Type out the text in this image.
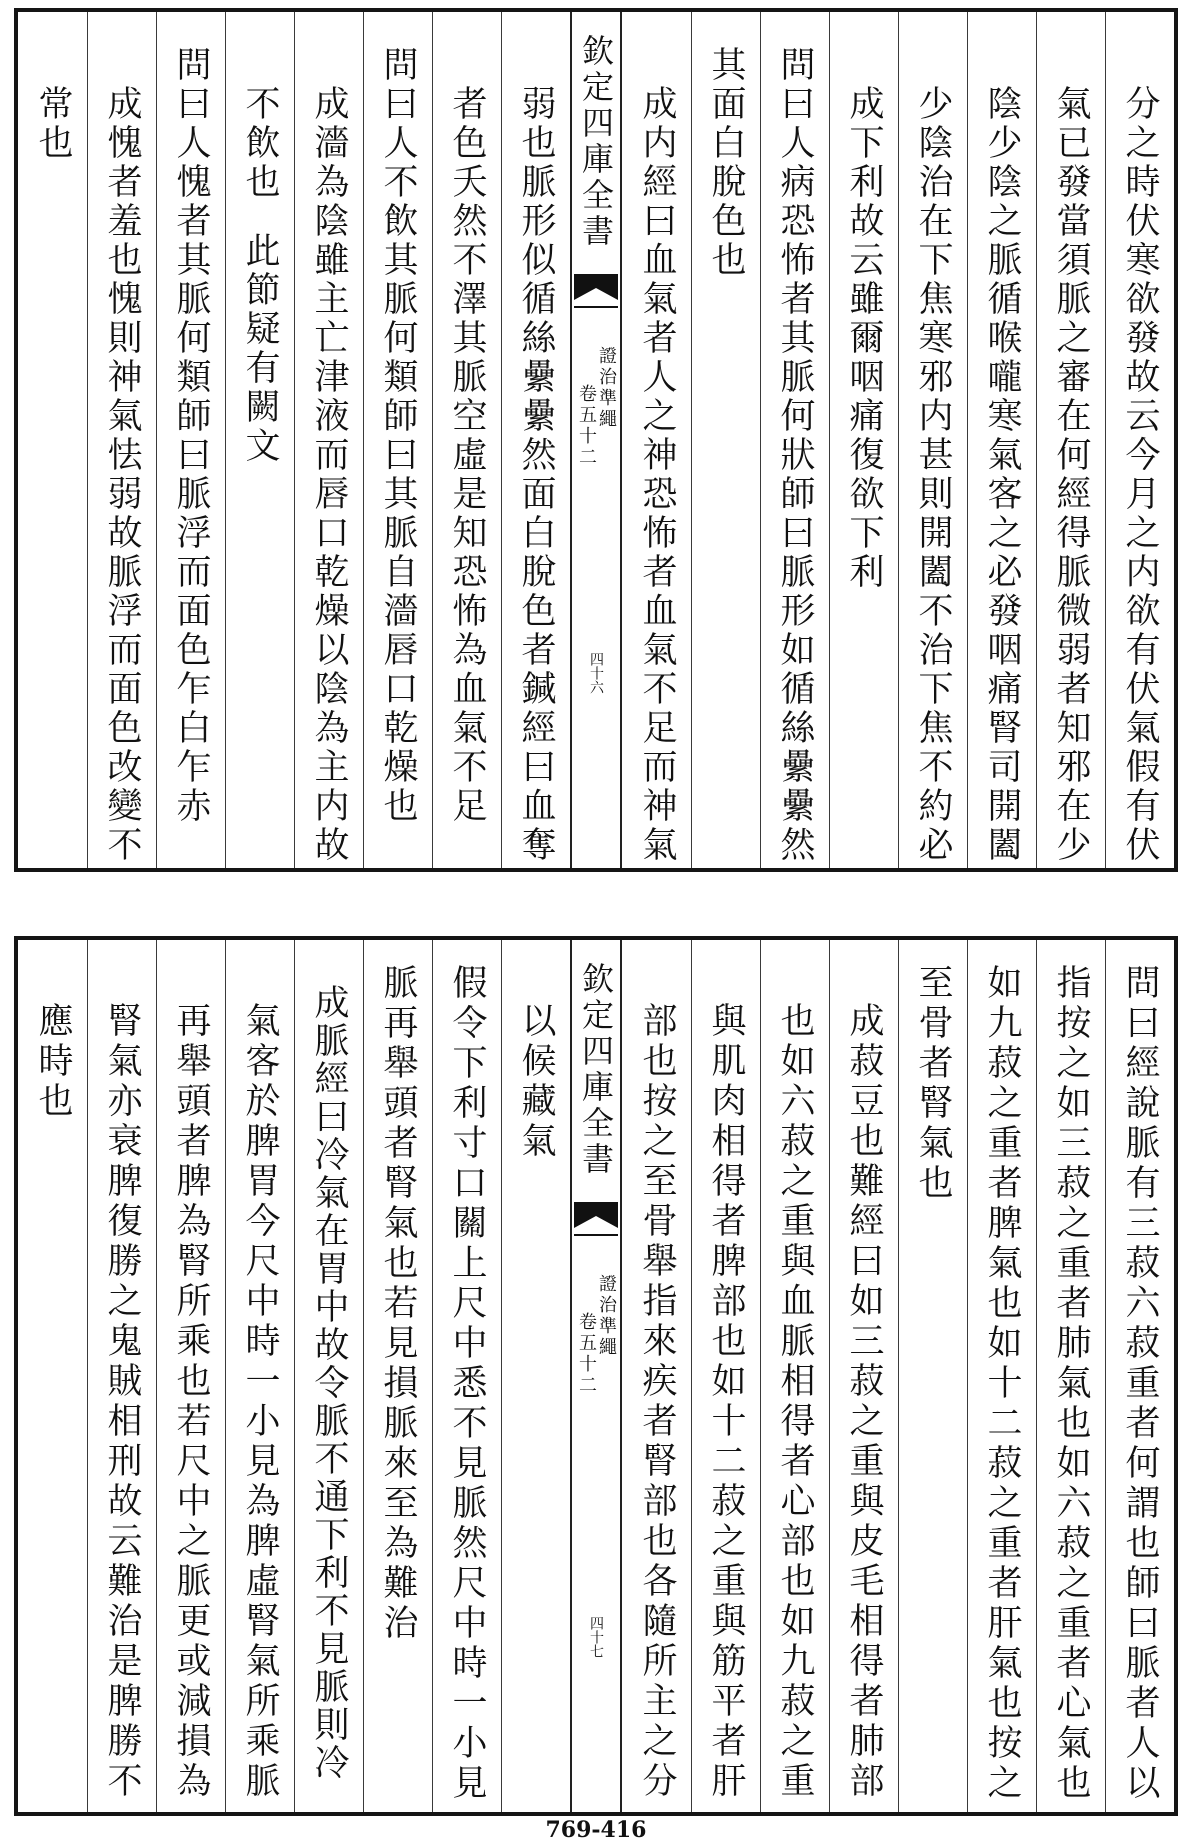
分之時伏寒欲發故云今月之内欲有伏氣假有伏
氣已發當須脈之審在何經得脈微弱者知邪在少
陰少陰之脈循喉嚨寒氣客之必發咽痛腎司開闔
少陰治在下焦寒邪内甚則開闔不治下焦不約必
成下利故云雖爾咽痛復欲下利
問曰人病恐怖者其脈何狀師曰脈形如循絲纍纍然
其面白脫色也
成内經曰血氣者人之神恐怖者血氣不足而神氣
欽定四庫全書
證治準繩
卷五十二
四十六
弱也脈形似循絲纍纍然面白脫色者鍼經曰血奪
者色夭然不澤其脈空虛是知恐怖為血氣不足
問曰人不飲其脈何類師曰其脈自濇唇口乾燥也
成濇為陰雖主亡津液而唇口乾燥以陰為主内故
不飲也此節疑有闕文
問曰人愧者其脈何類師曰脈浮而面色乍白乍赤
成愧者羞也愧則神氣怯弱故脈浮而面色改變不
常也
問曰經說脈有三菽六菽重者何謂也師曰脈者人以
指按之如三菽之重者肺氣也如六菽之重者心氣也
如九菽之重者脾氣也如十二菽之重者肝氣也按之
至骨者腎氣也
成菽豆也難經曰如三菽之重與皮毛相得者肺部
也如六菽之重與血脈相得者心部也如九菽之重
與肌肉相得者脾部也如十二菽之重與筋平者肝
部也按之至骨舉指來疾者腎部也各隨所主之分
欽定四庫全書
證治準繩
卷五十二
四十七
以候藏氣
假令下利寸口關上尺中悉不見脈然尺中時一小見
脈再舉頭者腎氣也若見損脈來至為難治
成脈經曰冷氣在胃中故令脈不通下利不見脈則冷
氣客於脾胃今尺中時一小見為脾虛腎氣所乘脈
再舉頭者脾為腎所乘也若尺中之脈更或減損為
腎氣亦衰脾復勝之鬼賊相刑故云難治是脾勝不
應時也
769-416
